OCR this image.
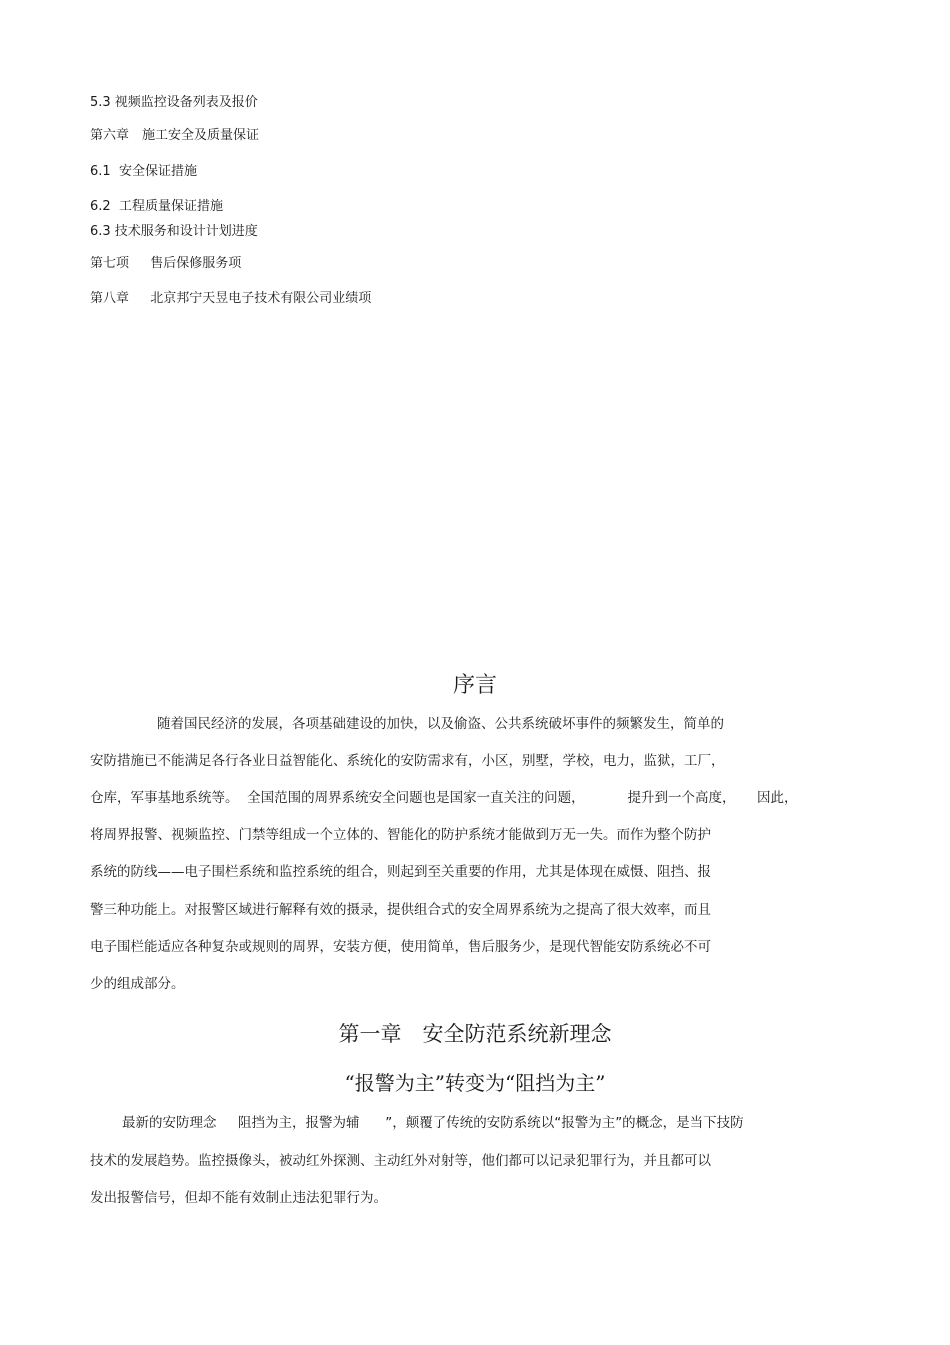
5.3 视频监控设备列表及报价
第六章　施工安全及质量保证
6.1  安全保证措施
6.2  工程质量保证措施
6.3 技术服务和设计计划进度
第七项　  售后保修服务项
第八章　  北京邦宁天昱电子技术有限公司业绩项
序言
随着国民经济的发展，各项基础建设的加快，以及偷盗、公共系统破坏事件的频繁发生，简单的
安防措施已不能满足各行各业日益智能化、系统化的安防需求有，小区，别墅，学校，电力，监狱，工厂，
仓库，军事基地系统等。  全国范围的周界系统安全问题也是国家一直关注的问题，          提升到一个高度，     因此，
将周界报警、视频监控、门禁等组成一个立体的、智能化的防护系统才能做到万无一失。而作为整个防护
系统的防线——电子围栏系统和监控系统的组合，则起到至关重要的作用，尤其是体现在威慑、阻挡、报
警三种功能上。对报警区域进行解释有效的摄录，提供组合式的安全周界系统为之提高了很大效率，而且
电子围栏能适应各种复杂或规则的周界，安装方便，使用简单，售后服务少，是现代智能安防系统必不可
少的组成部分。
第一章　安全防范系统新理念
“报警为主”转变为“阻挡为主”
最新的安防理念     阻挡为主，报警为辅      ”，颠覆了传统的安防系统以“报警为主”的概念，是当下技防
技术的发展趋势。监控摄像头，被动红外探测、主动红外对射等，他们都可以记录犯罪行为，并且都可以
发出报警信号，但却不能有效制止违法犯罪行为。
